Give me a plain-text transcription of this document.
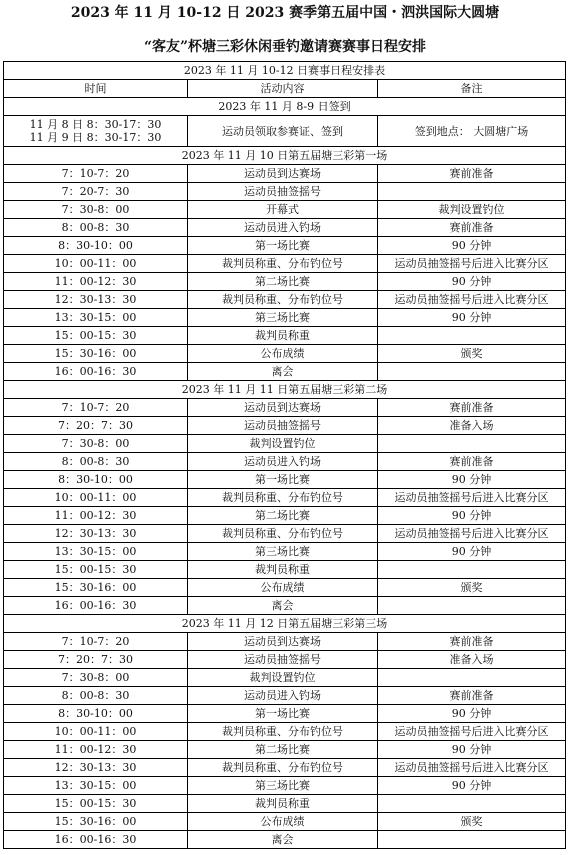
2023 年 11 月 10-12 日 2023 赛季第五届中国・泗洪国际大圆塘
“客友”杯塘三彩休闲垂钓邀请赛赛事日程安排
2023 年 11 月 10-12 日赛事日程安排表		
时间	活动内容	备注
2023 年 11 月 8-9 日签到		

11 月 8 日 8：30-17：30
11 月 9 日 8：30-17：30	运动员领取参赛证、签到	签到地点： 大圆塘广场
2023 年 11 月 10 日第五届塘三彩第一场		
7：10-7：20	运动员到达赛场	赛前准备
7：20-7：30	运动员抽签摇号	
7：30-8：00	开幕式	裁判设置钓位
8：00-8：30	运动员进入钓场	赛前准备
8：30-10：00	第一场比赛	90 分钟
10：00-11：00	裁判员称重、分布钓位号	运动员抽签摇号后进入比赛分区
11：00-12：30	第二场比赛	90 分钟
12：30-13：30	裁判员称重、分布钓位号	运动员抽签摇号后进入比赛分区
13：30-15：00	第三场比赛	90 分钟
15：00-15：30	裁判员称重	
15：30-16：00	公布成绩	颁奖
16：00-16：30	离会	
2023 年 11 月 11 日第五届塘三彩第二场		
7：10-7：20	运动员到达赛场	赛前准备
7：20：7：30	运动员抽签摇号	准备入场
7：30-8：00	裁判设置钓位	
8：00-8：30	运动员进入钓场	赛前准备
8：30-10：00	第一场比赛	90 分钟
10：00-11：00	裁判员称重、分布钓位号	运动员抽签摇号后进入比赛分区
11：00-12：30	第二场比赛	90 分钟
12：30-13：30	裁判员称重、分布钓位号	运动员抽签摇号后进入比赛分区
13：30-15：00	第三场比赛	90 分钟
15：00-15：30	裁判员称重	
15：30-16：00	公布成绩	颁奖
16：00-16：30	离会	
2023 年 11 月 12 日第五届塘三彩第三场		
7：10-7：20	运动员到达赛场	赛前准备
7：20：7：30	运动员抽签摇号	准备入场
7：30-8：00	裁判设置钓位	
8：00-8：30	运动员进入钓场	赛前准备
8：30-10：00	第一场比赛	90 分钟
10：00-11：00	裁判员称重、分布钓位号	运动员抽签摇号后进入比赛分区
11：00-12：30	第二场比赛	90 分钟
12：30-13：30	裁判员称重、分布钓位号	运动员抽签摇号后进入比赛分区
13：30-15：00	第三场比赛	90 分钟
15：00-15：30	裁判员称重	
15：30-16：00	公布成绩	颁奖
16：00-16：30	离会	
